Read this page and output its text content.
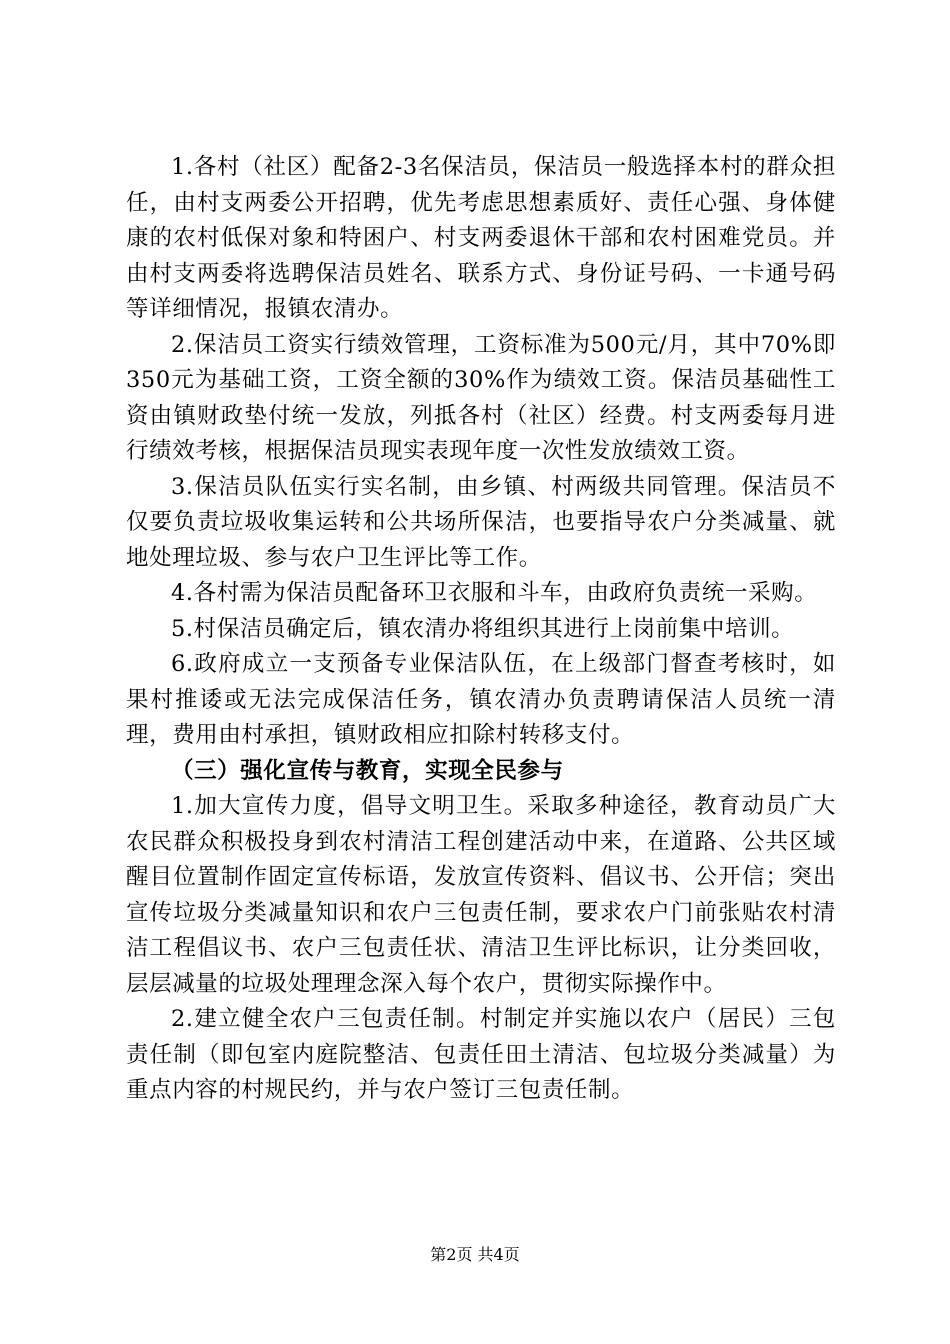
1.各村（社区）配备2-3名保洁员，保洁员一般选择本村的群众担任，由村支两委公开招聘，优先考虑思想素质好、责任心强、身体健康的农村低保对象和特困户、村支两委退休干部和农村困难党员。并由村支两委将选聘保洁员姓名、联系方式、身份证号码、一卡通号码等详细情况，报镇农清办。

2.保洁员工资实行绩效管理，工资标准为500元/月，其中70%即350元为基础工资，工资全额的30%作为绩效工资。保洁员基础性工资由镇财政垫付统一发放，列抵各村（社区）经费。村支两委每月进行绩效考核，根据保洁员现实表现年度一次性发放绩效工资。

3.保洁员队伍实行实名制，由乡镇、村两级共同管理。保洁员不仅要负责垃圾收集运转和公共场所保洁，也要指导农户分类减量、就地处理垃圾、参与农户卫生评比等工作。

4.各村需为保洁员配备环卫衣服和斗车，由政府负责统一采购。

5.村保洁员确定后，镇农清办将组织其进行上岗前集中培训。

6.政府成立一支预备专业保洁队伍，在上级部门督查考核时，如果村推诿或无法完成保洁任务，镇农清办负责聘请保洁人员统一清理，费用由村承担，镇财政相应扣除村转移支付。

（三）强化宣传与教育，实现全民参与

1.加大宣传力度，倡导文明卫生。采取多种途径，教育动员广大农民群众积极投身到农村清洁工程创建活动中来，在道路、公共区域醒目位置制作固定宣传标语，发放宣传资料、倡议书、公开信；突出宣传垃圾分类减量知识和农户三包责任制，要求农户门前张贴农村清洁工程倡议书、农户三包责任状、清洁卫生评比标识，让分类回收，层层减量的垃圾处理理念深入每个农户，贯彻实际操作中。

2.建立健全农户三包责任制。村制定并实施以农户（居民）三包责任制（即包室内庭院整洁、包责任田土清洁、包垃圾分类减量）为重点内容的村规民约，并与农户签订三包责任制。

第2页 共4页
